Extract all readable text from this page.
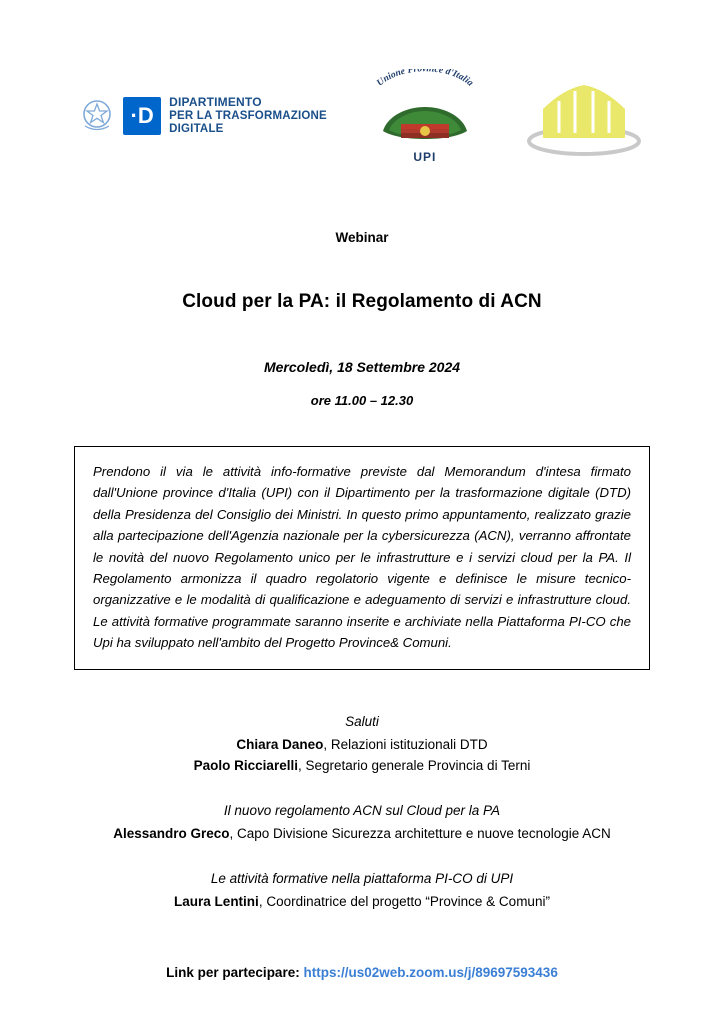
·D
DIPARTIMENTO
PER LA TRASFORMAZIONE
DIGITALE
Unione Province d'Italia
UPI
Webinar
Cloud per la PA: il Regolamento di ACN
Mercoledì, 18 Settembre 2024
ore 11.00 – 12.30
Prendono il via le attività info-formative previste dal Memorandum d'intesa firmato dall'Unione province d'Italia (UPI) con il Dipartimento per la trasformazione digitale (DTD) della Presidenza del Consiglio dei Ministri. In questo primo appuntamento, realizzato grazie alla partecipazione dell'Agenzia nazionale per la cybersicurezza (ACN), verranno affrontate le novità del nuovo Regolamento unico per le infrastrutture e i servizi cloud per la PA. Il Regolamento armonizza il quadro regolatorio vigente e definisce le misure tecnico-organizzative e le modalità di qualificazione e adeguamento di servizi e infrastrutture cloud. Le attività formative programmate saranno inserite e archiviate nella Piattaforma PI-CO che Upi ha sviluppato nell'ambito del Progetto Province& Comuni.
Saluti
Chiara Daneo, Relazioni istituzionali DTD
Paolo Ricciarelli, Segretario generale Provincia di Terni
Il nuovo regolamento ACN sul Cloud per la PA
Alessandro Greco, Capo Divisione Sicurezza architetture e nuove tecnologie ACN
Le attività formative nella piattaforma PI-CO di UPI
Laura Lentini, Coordinatrice del progetto “Province & Comuni”
Link per partecipare: https://us02web.zoom.us/j/89697593436
